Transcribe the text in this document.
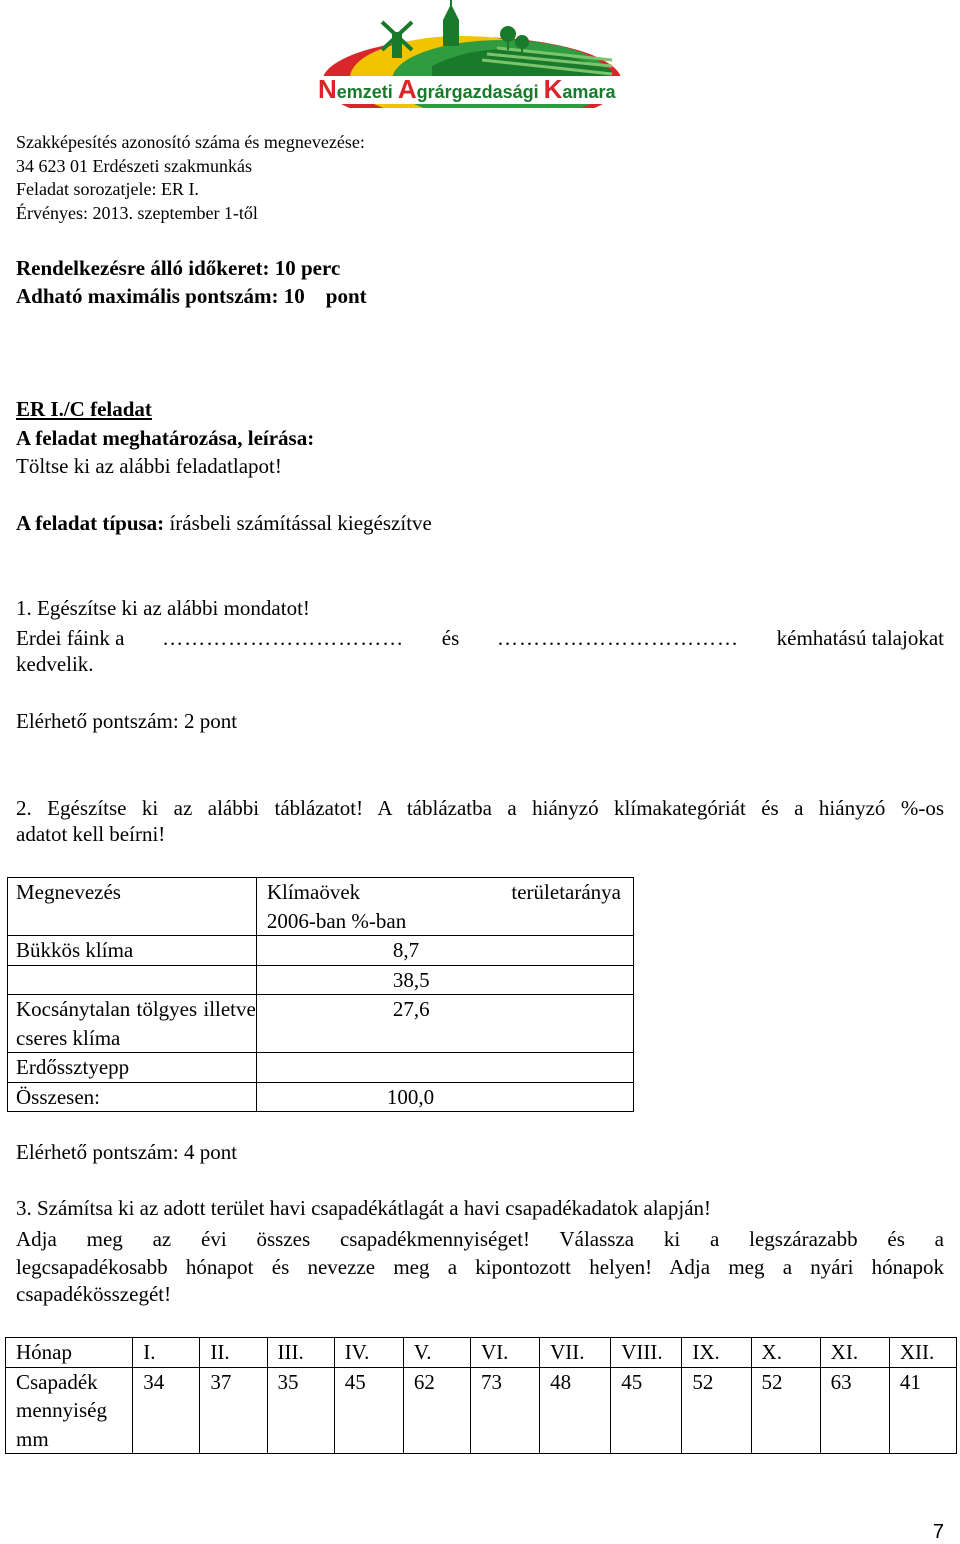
Nemzeti Agrárgazdasági Kamara
Szakképesítés azonosító száma és megnevezése:
34 623 01 Erdészeti szakmunkás
Feladat sorozatjele: ER I.
Érvényes: 2013. szeptember 1-től
Rendelkezésre álló időkeret: 10 perc
Adható maximális pontszám: 10    pont
ER I./C feladat
A feladat meghatározása, leírása:
Töltse ki az alábbi feladatlapot!
A feladat típusa: írásbeli számítással kiegészítve
1. Egészítse ki az alábbi mondatot!
Erdei fáink a …………………………… és …………………………… kémhatású talajokat
kedvelik.
Elérhető pontszám: 2 pont
2. Egészítse ki az alábbi táblázatot! A táblázatba a hiányzó klímakategóriát és a hiányzó %-os
adatot kell beírni!
Megnevezés	Klímaövek területaránya
2006-ban %-ban

Bükkös klíma	8,7
	38,5
Kocsánytalan tölgyes illetve cseres klíma	27,6
Erdőssztyepp	
Összesen:	100,0
Elérhető pontszám: 4 pont
3. Számítsa ki az adott terület havi csapadékátlagát a havi csapadékadatok alapján!
Adja meg az évi összes csapadékmennyiséget! Válassza ki a legszárazabb és a
legcsapadékosabb hónapot és nevezze meg a kipontozott helyen! Adja meg a nyári hónapok
csapadékösszegét!
Hónap	I.	II.	III.	IV.	V.	VI.	VII.	VIII.	IX.	X.	XI.	XII.
Csapadék mennyiség mm	34	37	35	45	62	73	48	45	52	52	63	41
7
